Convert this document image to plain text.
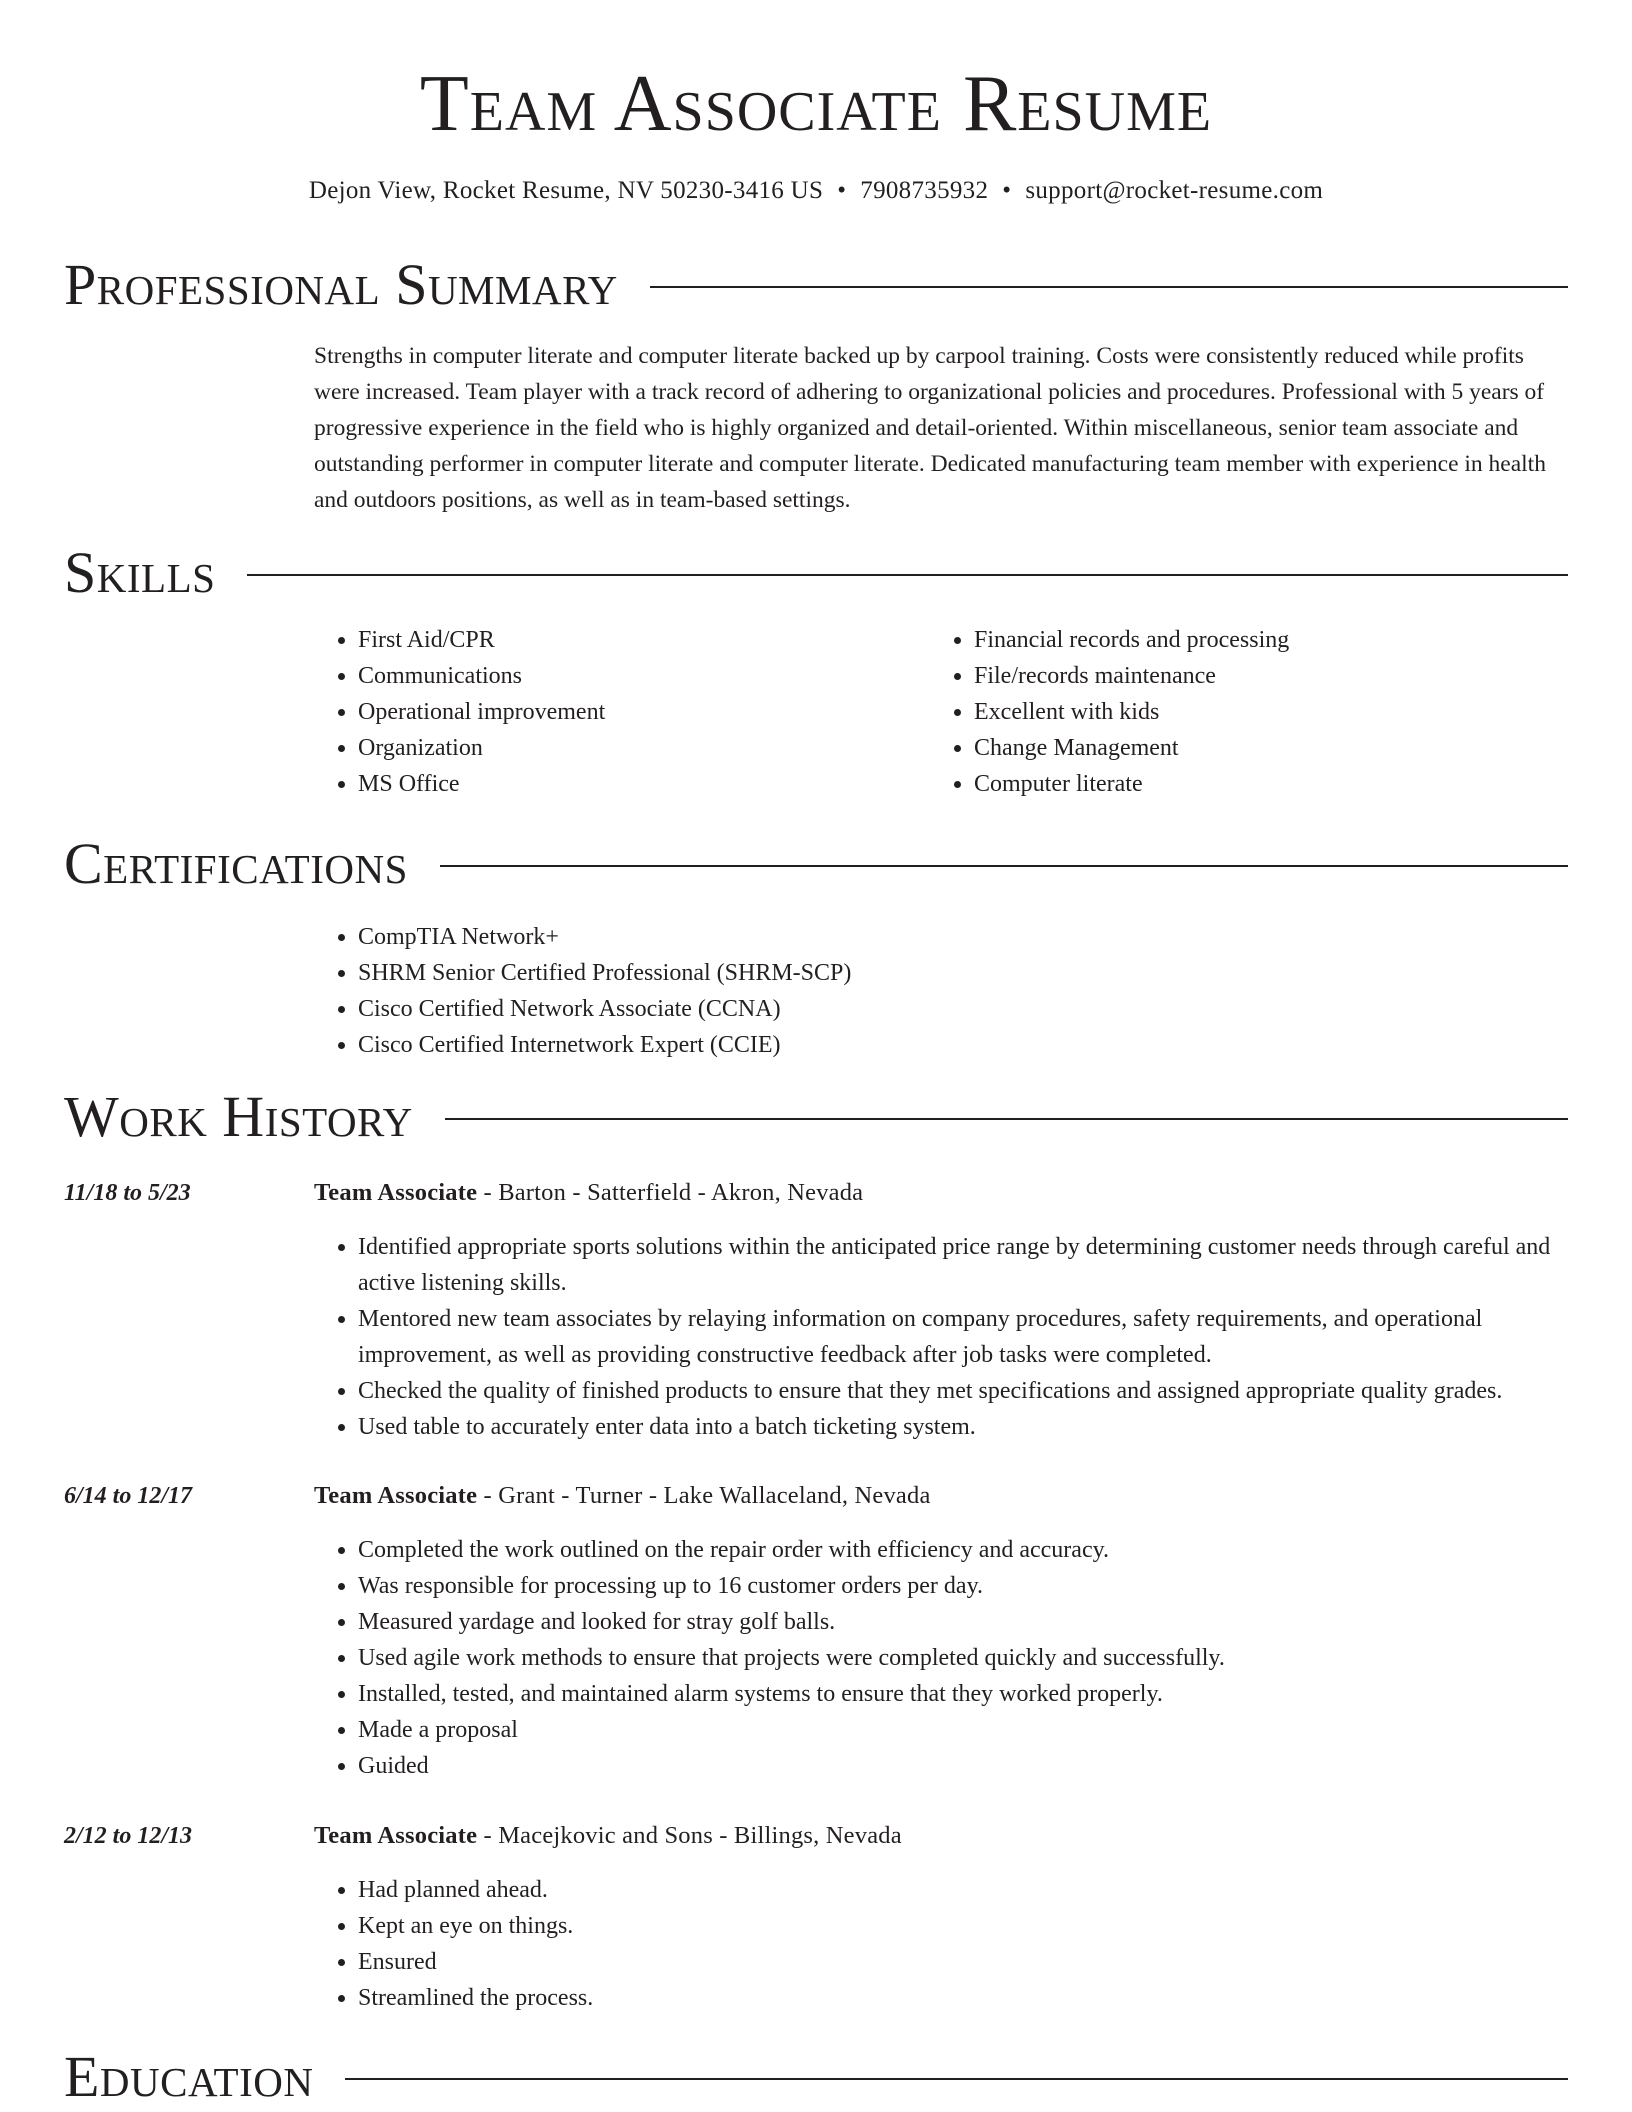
Team Associate Resume
Dejon View, Rocket Resume, NV 50230-3416 US • 7908735932 • support@rocket-resume.com
Professional Summary

Strengths in computer literate and computer literate backed up by carpool training. Costs were consistently reduced while profits were increased. Team player with a track record of adhering to organizational policies and procedures. Professional with 5 years of progressive experience in the field who is highly organized and detail-oriented. Within miscellaneous, senior team associate and outstanding performer in computer literate and computer literate. Dedicated manufacturing team member with experience in health and outdoors positions, as well as in team-based settings.

Skills
• First Aid/CPR
• Communications
• Operational improvement
• Organization
• MS Office
• Financial records and processing
• File/records maintenance
• Excellent with kids
• Change Management
• Computer literate
Certifications
• CompTIA Network+
• SHRM Senior Certified Professional (SHRM-SCP)
• Cisco Certified Network Associate (CCNA)
• Cisco Certified Internetwork Expert (CCIE)
Work History
11/18 to 5/23	Team Associate - Barton - Satterfield - Akron, Nevada
• Identified appropriate sports solutions within the anticipated price range by determining customer needs through careful and active listening skills.
• Mentored new team associates by relaying information on company procedures, safety requirements, and operational improvement, as well as providing constructive feedback after job tasks were completed.
• Checked the quality of finished products to ensure that they met specifications and assigned appropriate quality grades.
• Used table to accurately enter data into a batch ticketing system.
6/14 to 12/17	Team Associate - Grant - Turner - Lake Wallaceland, Nevada
• Completed the work outlined on the repair order with efficiency and accuracy.
• Was responsible for processing up to 16 customer orders per day.
• Measured yardage and looked for stray golf balls.
• Used agile work methods to ensure that projects were completed quickly and successfully.
• Installed, tested, and maintained alarm systems to ensure that they worked properly.
• Made a proposal
• Guided
2/12 to 12/13	Team Associate - Macejkovic and Sons - Billings, Nevada
• Had planned ahead.
• Kept an eye on things.
• Ensured
• Streamlined the process.
Education
